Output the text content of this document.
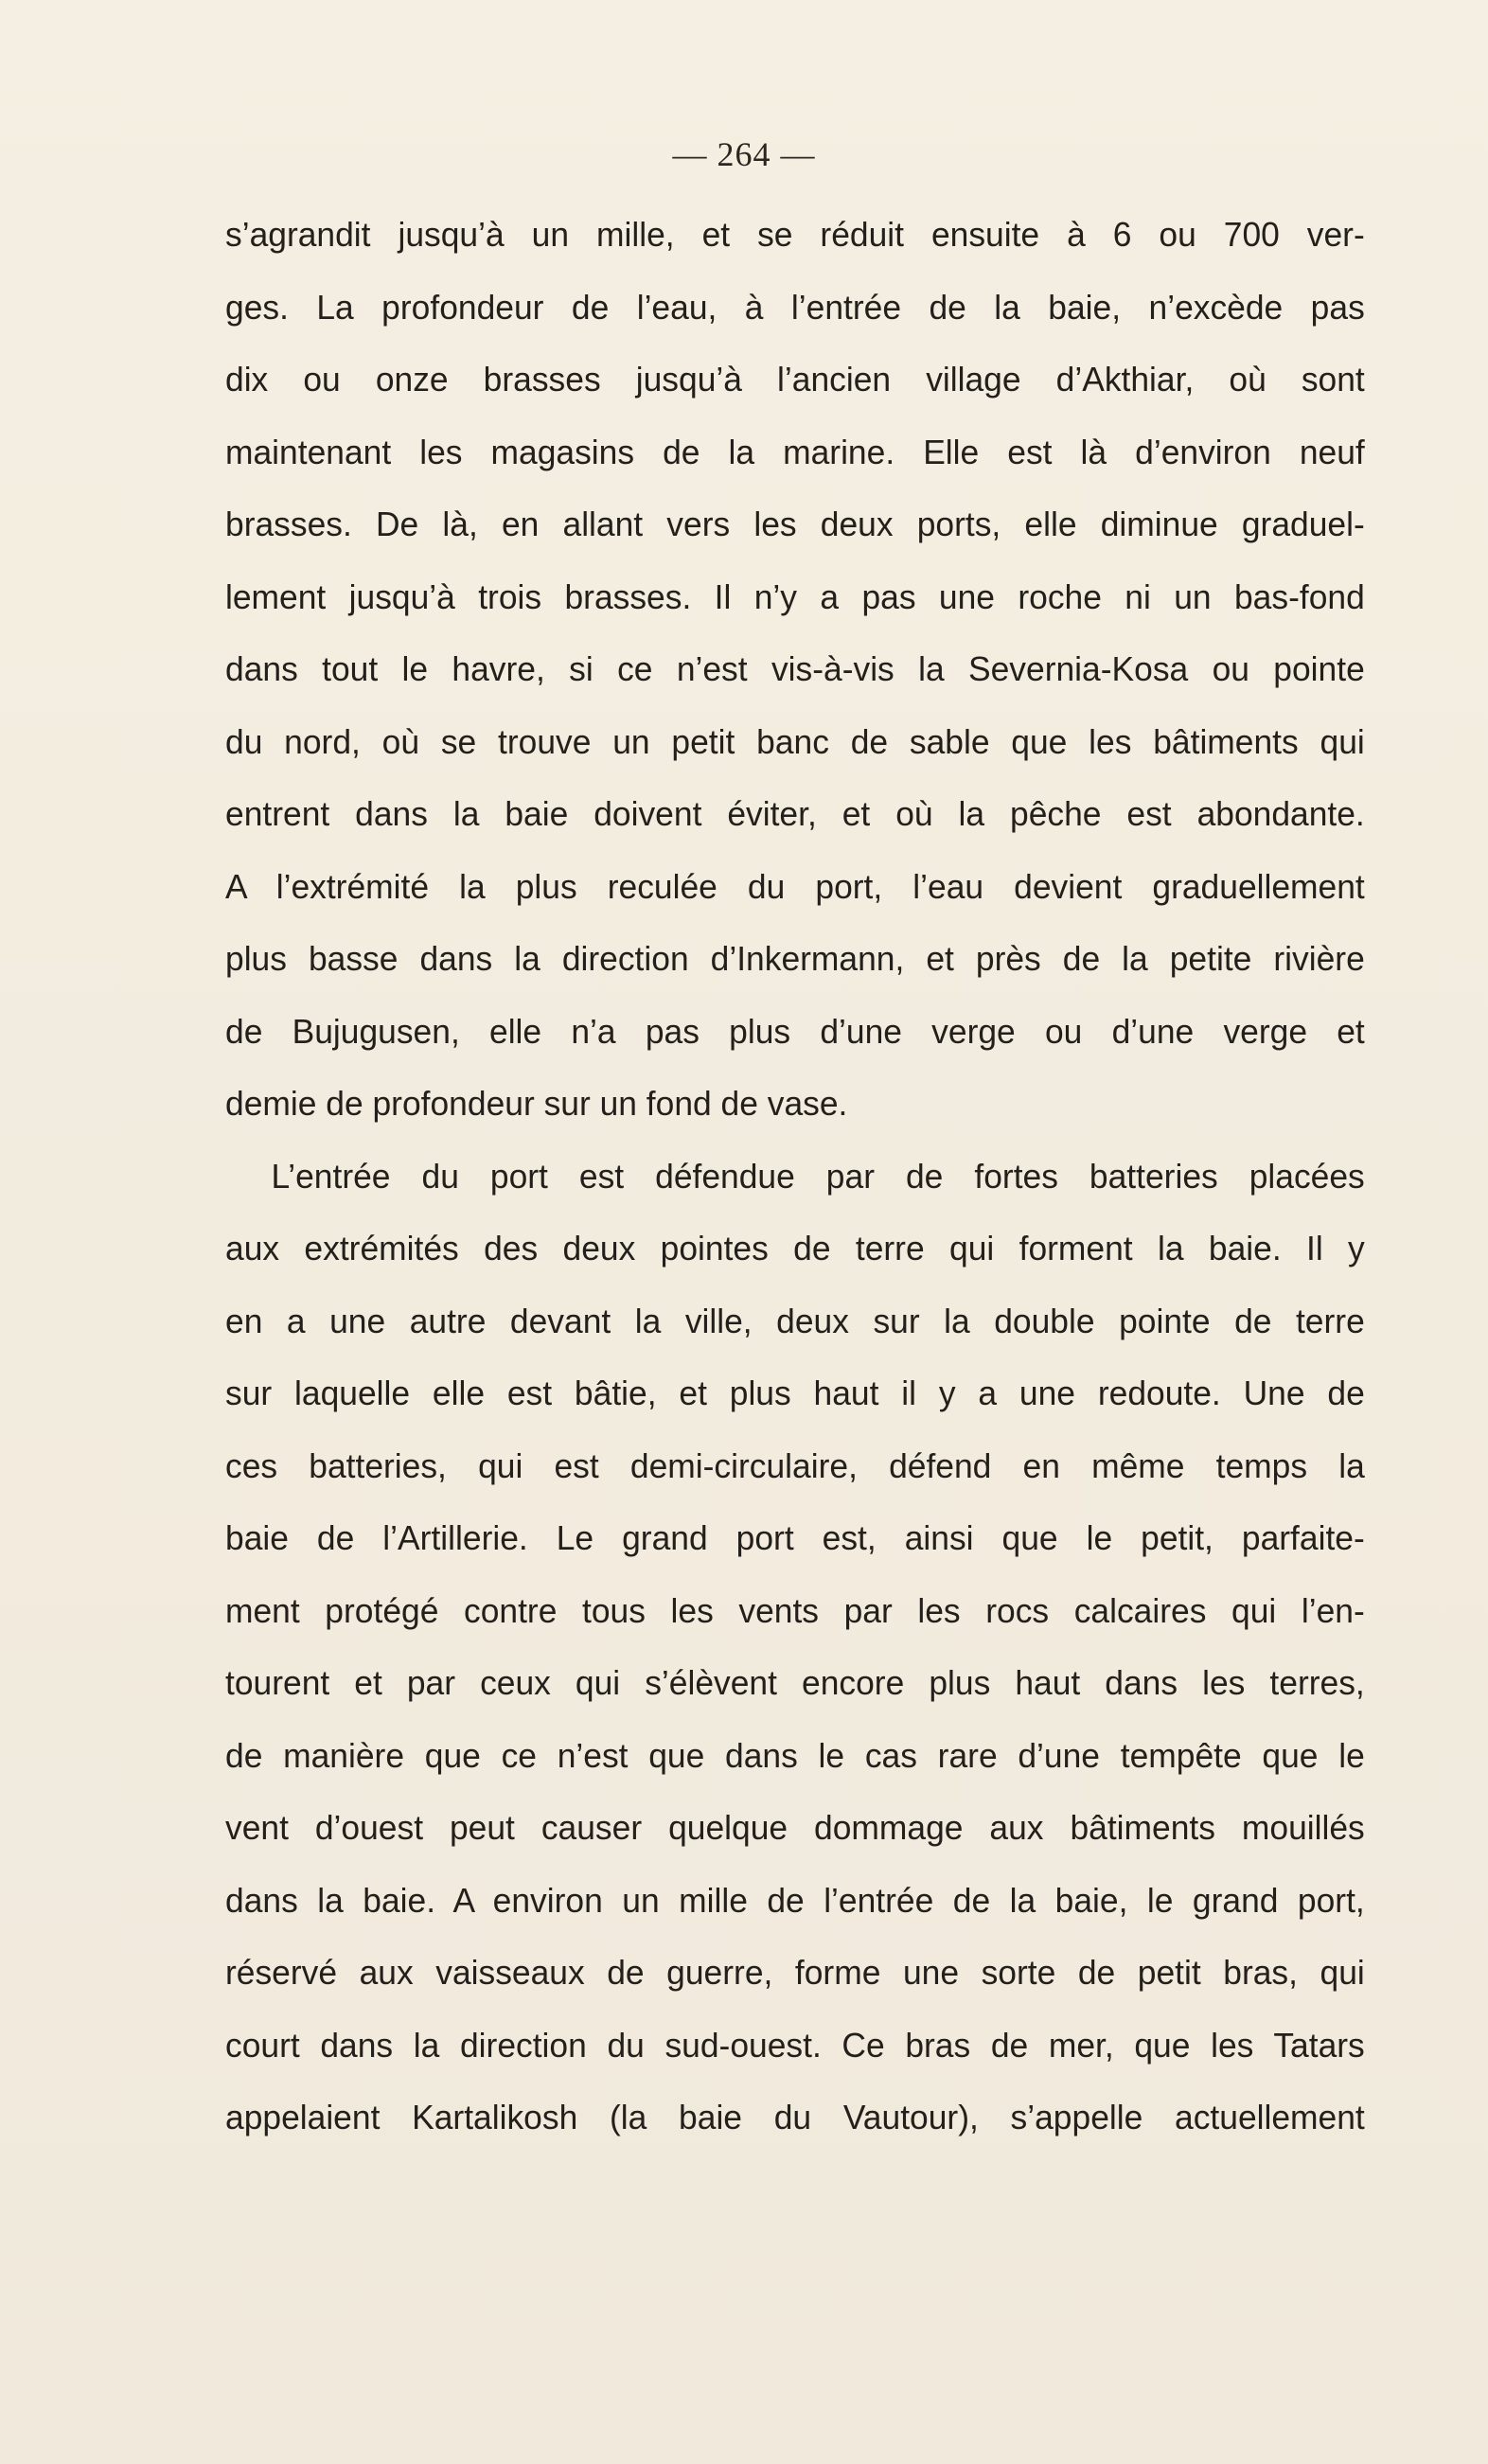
— 264 —
s’agrandit jusqu’à un mille, et se réduit ensuite à 6 ou 700 ver-
ges. La profondeur de l’eau, à l’entrée de la baie, n’excède pas
dix ou onze brasses jusqu’à l’ancien village d’Akthiar, où sont
maintenant les magasins de la marine. Elle est là d’environ neuf
brasses. De là, en allant vers les deux ports, elle diminue graduel-
lement jusqu’à trois brasses. Il n’y a pas une roche ni un bas-fond
dans tout le havre, si ce n’est vis-à-vis la Severnia-Kosa ou pointe
du nord, où se trouve un petit banc de sable que les bâtiments qui
entrent dans la baie doivent éviter, et où la pêche est abondante.
A l’extrémité la plus reculée du port, l’eau devient graduellement
plus basse dans la direction d’Inkermann, et près de la petite rivière
de Bujugusen, elle n’a pas plus d’une verge ou d’une verge et
demie de profondeur sur un fond de vase.
L’entrée du port est défendue par de fortes batteries placées
aux extrémités des deux pointes de terre qui forment la baie. Il y
en a une autre devant la ville, deux sur la double pointe de terre
sur laquelle elle est bâtie, et plus haut il y a une redoute. Une de
ces batteries, qui est demi-circulaire, défend en même temps la
baie de l’Artillerie. Le grand port est, ainsi que le petit, parfaite-
ment protégé contre tous les vents par les rocs calcaires qui l’en-
tourent et par ceux qui s’élèvent encore plus haut dans les terres,
de manière que ce n’est que dans le cas rare d’une tempête que le
vent d’ouest peut causer quelque dommage aux bâtiments mouillés
dans la baie. A environ un mille de l’entrée de la baie, le grand port,
réservé aux vaisseaux de guerre, forme une sorte de petit bras, qui
court dans la direction du sud-ouest. Ce bras de mer, que les Tatars
appelaient Kartalikosh (la baie du Vautour), s’appelle actuellement
